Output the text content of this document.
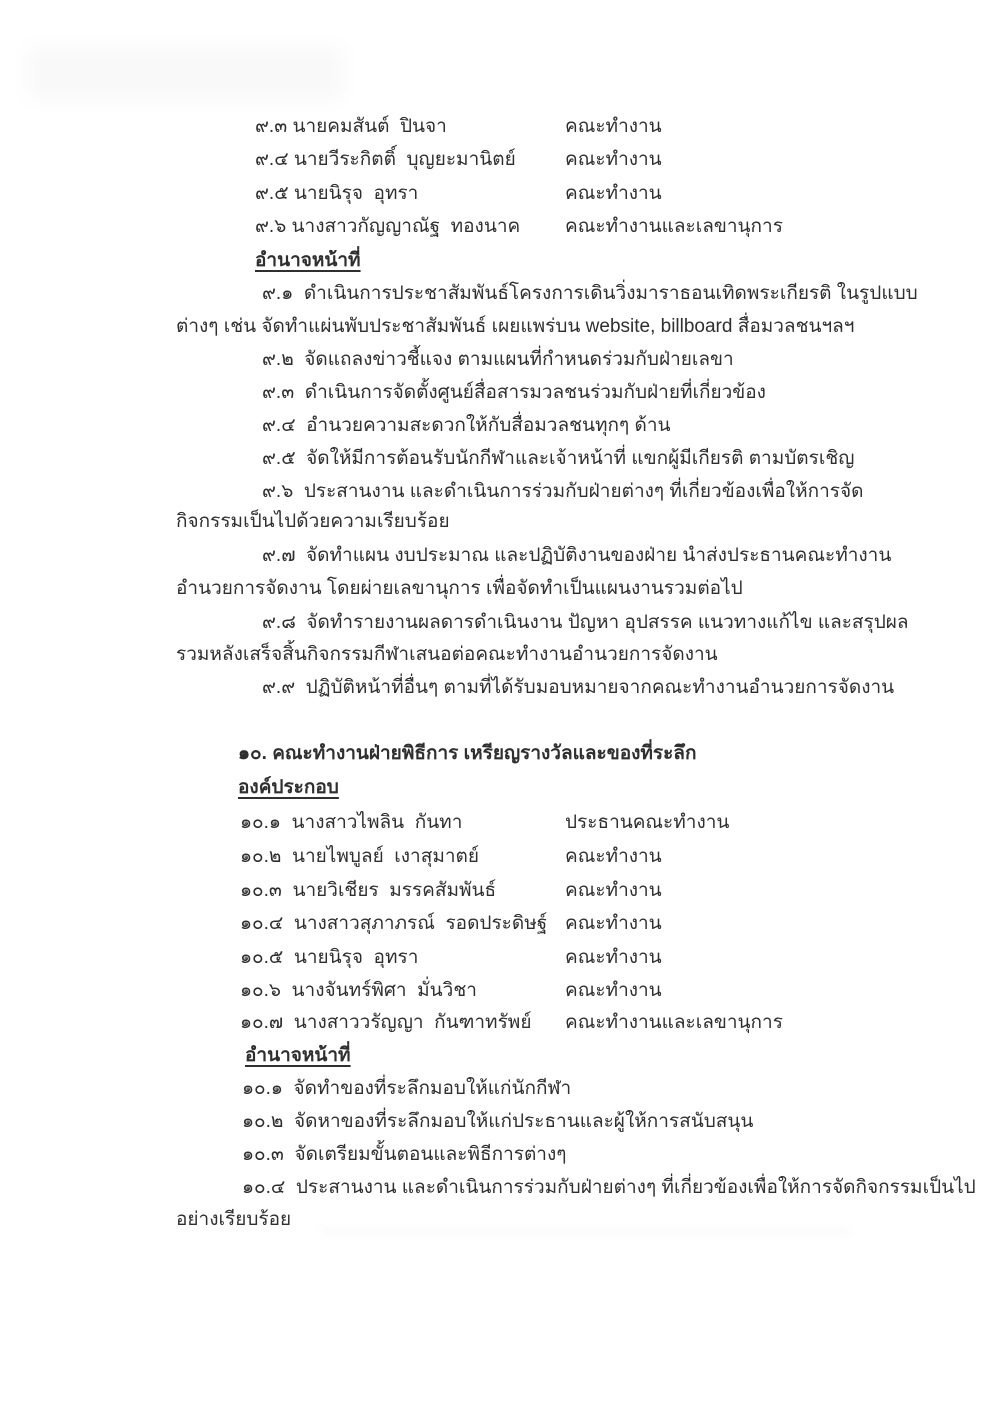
๙.๓ นายคมสันต์  ปินจา	คณะทำงาน
๙.๔ นายวีระกิตติ์  บุญยะมานิตย์	คณะทำงาน
๙.๕ นายนิรุจ  อุทรา	คณะทำงาน
๙.๖ นางสาวกัญญาณัฐ  ทองนาค คณะทำงานและเลขานุการ
อำนาจหน้าที่
๙.๑  ดำเนินการประชาสัมพันธ์โครงการเดินวิ่งมาราธอนเทิดพระเกียรติ ในรูปแบบ
ต่างๆ เช่น จัดทำแผ่นพับประชาสัมพันธ์ เผยแพร่บน website, billboard สื่อมวลชนฯลฯ
๙.๒  จัดแถลงข่าวชี้แจง ตามแผนที่กำหนดร่วมกับฝ่ายเลขา
๙.๓  ดำเนินการจัดตั้งศูนย์สื่อสารมวลชนร่วมกับฝ่ายที่เกี่ยวข้อง
๙.๔  อำนวยความสะดวกให้กับสื่อมวลชนทุกๆ ด้าน
๙.๕  จัดให้มีการต้อนรับนักกีฬาและเจ้าหน้าที่ แขกผู้มีเกียรติ ตามบัตรเชิญ
๙.๖  ประสานงาน และดำเนินการร่วมกับฝ่ายต่างๆ ที่เกี่ยวข้องเพื่อให้การจัด
กิจกรรมเป็นไปด้วยความเรียบร้อย
๙.๗  จัดทำแผน งบประมาณ และปฏิบัติงานของฝ่าย นำส่งประธานคณะทำงาน
อำนวยการจัดงาน โดยผ่ายเลขานุการ เพื่อจัดทำเป็นแผนงานรวมต่อไป
๙.๘  จัดทำรายงานผลดารดำเนินงาน ปัญหา อุปสรรค แนวทางแก้ไข และสรุปผล
รวมหลังเสร็จสิ้นกิจกรรมกีฬาเสนอต่อคณะทำงานอำนวยการจัดงาน
๙.๙  ปฏิบัติหน้าที่อื่นๆ ตามที่ได้รับมอบหมายจากคณะทำงานอำนวยการจัดงาน
๑๐. คณะทำงานฝ่ายพิธีการ เหรียญรางวัลและของที่ระลึก
องค์ประกอบ
๑๐.๑  นางสาวไพลิน  กันทา	ประธานคณะทำงาน
๑๐.๒  นายไพบูลย์  เงาสุมาตย์	คณะทำงาน
๑๐.๓  นายวิเชียร  มรรคสัมพันธ์	คณะทำงาน
๑๐.๔  นางสาวสุภาภรณ์  รอดประดิษฐ์ คณะทำงาน
๑๐.๕  นายนิรุจ  อุทรา	คณะทำงาน
๑๐.๖  นางจันทร์พิศา  มั่นวิชา	คณะทำงาน
๑๐.๗  นางสาววรัญญา  กันฑาทรัพย์ คณะทำงานและเลขานุการ
อำนาจหน้าที่
๑๐.๑  จัดทำของที่ระลึกมอบให้แก่นักกีฬา
๑๐.๒  จัดหาของที่ระลึกมอบให้แก่ประธานและผู้ให้การสนับสนุน
๑๐.๓  จัดเตรียมขั้นตอนและพิธีการต่างๆ
๑๐.๔  ประสานงาน และดำเนินการร่วมกับฝ่ายต่างๆ ที่เกี่ยวข้องเพื่อให้การจัดกิจกรรมเป็นไป
อย่างเรียบร้อย
